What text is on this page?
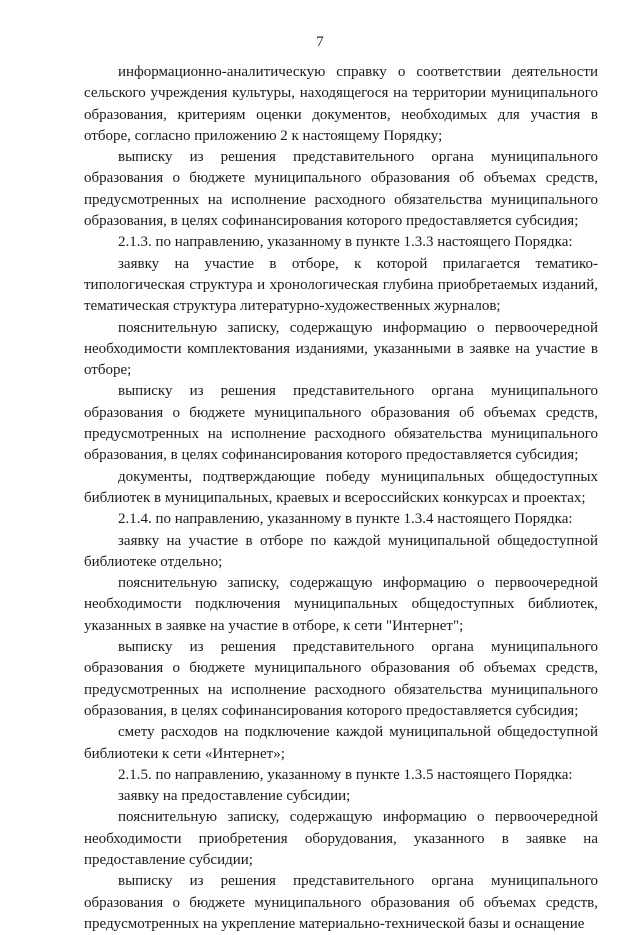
7

информационно-аналитическую справку о соответствии деятельности сельского учреждения культуры, находящегося на территории муниципального образования, критериям оценки документов, необходимых для участия в отборе, согласно приложению 2 к настоящему Порядку;

выписку из решения представительного органа муниципального образования о бюджете муниципального образования об объемах средств, предусмотренных на исполнение расходного обязательства муниципального образования, в целях софинансирования которого предоставляется субсидия;

2.1.3. по направлению, указанному в пункте 1.3.3 настоящего Порядка:

заявку на участие в отборе, к которой прилагается тематико-типологическая структура и хронологическая глубина приобретаемых изданий, тематическая структура литературно-художественных журналов;

пояснительную записку, содержащую информацию о первоочередной необходимости комплектования изданиями, указанными в заявке на участие в отборе;

выписку из решения представительного органа муниципального образования о бюджете муниципального образования об объемах средств, предусмотренных на исполнение расходного обязательства муниципального образования, в целях софинансирования которого предоставляется субсидия;

документы, подтверждающие победу муниципальных общедоступных библиотек в муниципальных, краевых и всероссийских конкурсах и проектах;

2.1.4. по направлению, указанному в пункте 1.3.4 настоящего Порядка:

заявку на участие в отборе по каждой муниципальной общедоступной библиотеке отдельно;

пояснительную записку, содержащую информацию о первоочередной необходимости подключения муниципальных общедоступных библиотек, указанных в заявке на участие в отборе, к сети "Интернет";

выписку из решения представительного органа муниципального образования о бюджете муниципального образования об объемах средств, предусмотренных на исполнение расходного обязательства муниципального образования, в целях софинансирования которого предоставляется субсидия;

смету расходов на подключение каждой муниципальной общедоступной библиотеки к сети «Интернет»;

2.1.5. по направлению, указанному в пункте 1.3.5 настоящего Порядка:

заявку на предоставление субсидии;

пояснительную записку, содержащую информацию о первоочередной необходимости приобретения оборудования, указанного в заявке на предоставление субсидии;

выписку из решения представительного органа муниципального образования о бюджете муниципального образования об объемах средств, предусмотренных на укрепление материально-технической базы и оснащение
